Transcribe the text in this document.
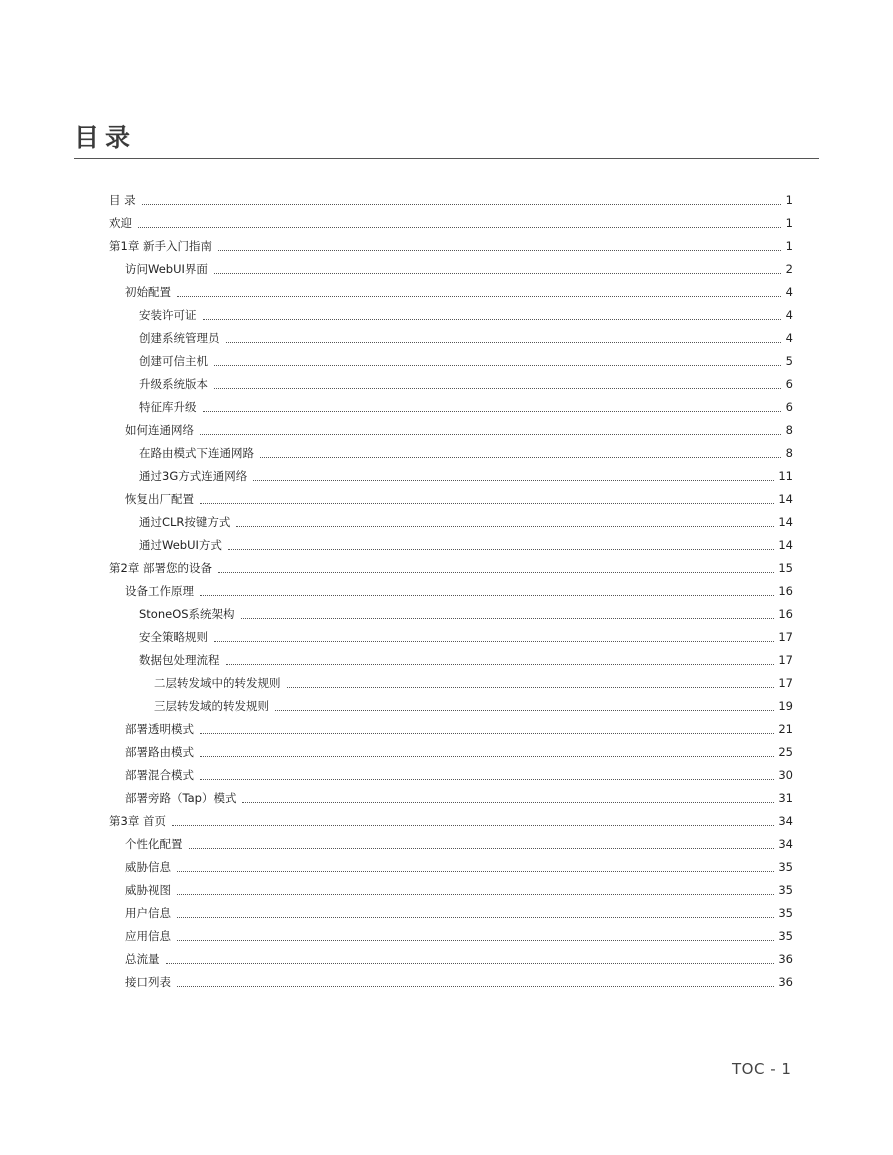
目录
目 录	1
欢迎	1
第1章 新手入门指南	1
访问WebUI界面	2
初始配置	4
安装许可证	4
创建系统管理员	4
创建可信主机	5
升级系统版本	6
特征库升级	6
如何连通网络	8
在路由模式下连通网路	8
通过3G方式连通网络	11
恢复出厂配置	14
通过CLR按键方式	14
通过WebUI方式	14
第2章 部署您的设备	15
设备工作原理	16
StoneOS系统架构	16
安全策略规则	17
数据包处理流程	17
二层转发域中的转发规则	17
三层转发域的转发规则	19
部署透明模式	21
部署路由模式	25
部署混合模式	30
部署旁路（Tap）模式	31
第3章 首页	34
个性化配置	34
威胁信息	35
威胁视图	35
用户信息	35
应用信息	35
总流量	36
接口列表	36
TOC - 1
